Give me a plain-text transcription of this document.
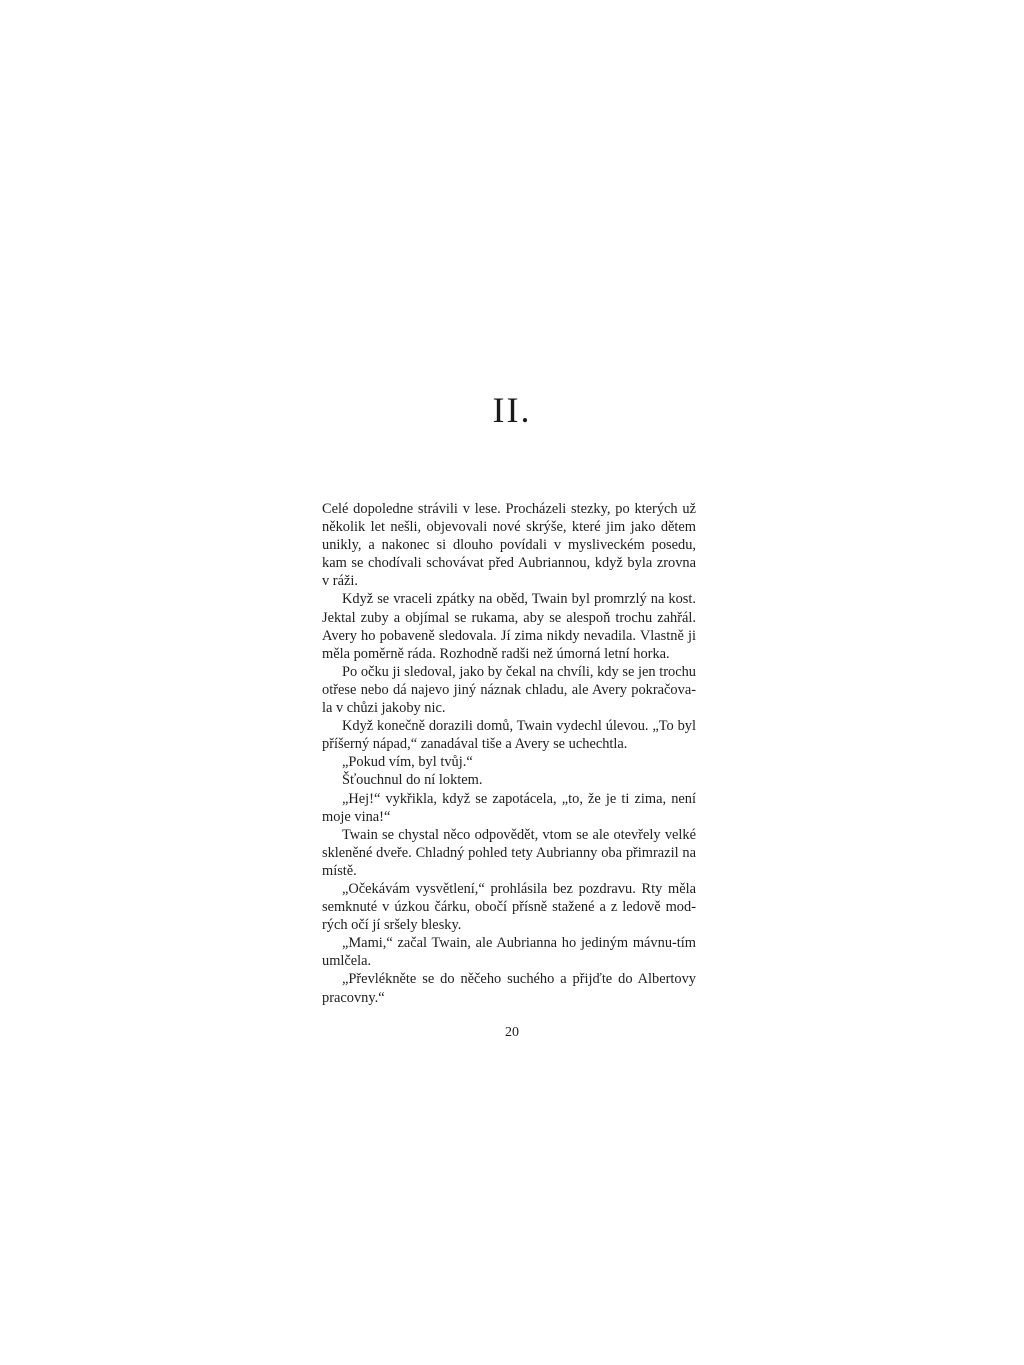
II.

Celé dopoledne strávili v lese. Procházeli stezky, po kterých už několik let nešli, objevovali nové skrýše, které jim jako dětem unikly, a nakonec si dlouho povídali v mysliveckém posedu, kam se chodívali schovávat před Aubriannou, když byla zrovna v ráži.

Když se vraceli zpátky na oběd, Twain byl promrzlý na kost. Jektal zuby a objímal se rukama, aby se alespoň trochu zahřál. Avery ho pobaveně sledovala. Jí zima nikdy nevadila. Vlastně ji měla poměrně ráda. Rozhodně radši než úmorná letní horka.

Po očku ji sledoval, jako by čekal na chvíli, kdy se jen trochu otřese nebo dá najevo jiný náznak chladu, ale Avery pokračova-la v chůzi jakoby nic.

Když konečně dorazili domů, Twain vydechl úlevou. „To byl příšerný nápad,“ zanadával tiše a Avery se uchechtla.

„Pokud vím, byl tvůj.“

Šťouchnul do ní loktem.

„Hej!“ vykřikla, když se zapotácela, „to, že je ti zima, není moje vina!“

Twain se chystal něco odpovědět, vtom se ale otevřely velké skleněné dveře. Chladný pohled tety Aubrianny oba přimrazil na místě.

„Očekávám vysvětlení,“ prohlásila bez pozdravu. Rty měla semknuté v úzkou čárku, obočí přísně stažené a z ledově mod-rých očí jí sršely blesky.

„Mami,“ začal Twain, ale Aubrianna ho jediným mávnu-tím umlčela.

„Převlékněte se do něčeho suchého a přijďte do Albertovy pracovny.“

20
